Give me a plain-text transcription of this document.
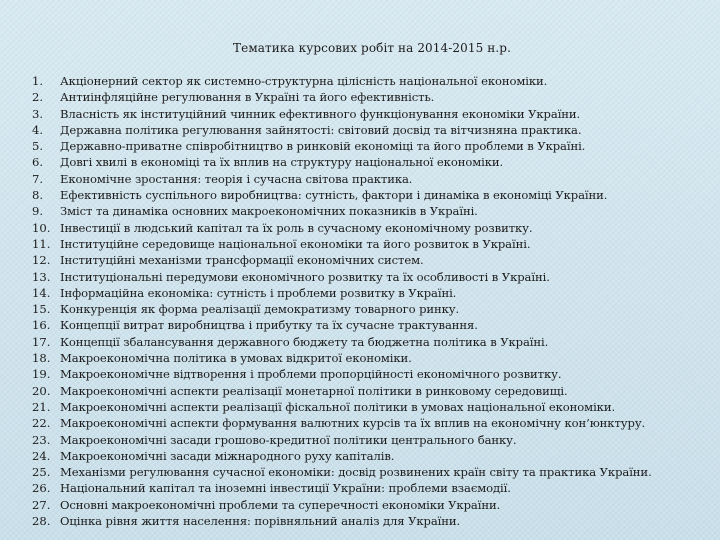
Тематика курсових робіт на 2014-2015 н.р.
1.	Акціонерний сектор як системно-структурна цілісність національної економіки.
2.	Антиінфляційне регулювання в Україні та його ефективність.
3.	Власність як інституційний чинник ефективного функціонування економіки України.
4.	Державна політика регулювання зайнятості: світовий досвід та вітчизняна практика.
5.	Державно-приватне співробітництво в ринковій економіці та його проблеми в Україні.
6.	Довгі хвилі в економіці та їх вплив на структуру національної економіки.
7.	Економічне зростання: теорія і сучасна світова практика.
8.	Ефективність суспільного виробництва: сутність, фактори і динаміка в економіці України.
9.	Зміст та динаміка основних макроекономічних показників в Україні.
10. Інвестиції в людський капітал та їх роль в сучасному економічному розвитку.
11. Інституційне середовище національної економіки та його розвиток в Україні.
12. Інституційні механізми трансформації економічних систем.
13. Інституціональні передумови економічного розвитку та їх особливості в Україні.
14. Інформаційна економіка: сутність і проблеми розвитку в Україні.
15. Конкуренція як форма реалізації демократизму товарного ринку.
16. Концепції витрат виробництва і прибутку та їх сучасне трактування.
17. Концепції збалансування державного бюджету та бюджетна політика в Україні.
18. Макроекономічна політика в умовах відкритої економіки.
19. Макроекономічне відтворення і проблеми пропорційності економічного розвитку.
20. Макроекономічні аспекти реалізації монетарної політики в ринковому середовищі.
21. Макроекономічні аспекти реалізації фіскальної політики в умовах національної економіки.
22. Макроекономічні аспекти формування валютних курсів та їх вплив на економічну кон’юнктуру.
23. Макроекономічні засади грошово-кредитної політики центрального банку.
24. Макроекономічні засади міжнародного руху капіталів.
25. Механізми регулювання сучасної економіки: досвід розвинених країн світу та практика України.
26. Національний капітал та іноземні інвестиції України: проблеми взаємодії.
27. Основні макроекономічні проблеми та суперечності економіки України.
28. Оцінка рівня життя населення: порівняльний аналіз для України.
